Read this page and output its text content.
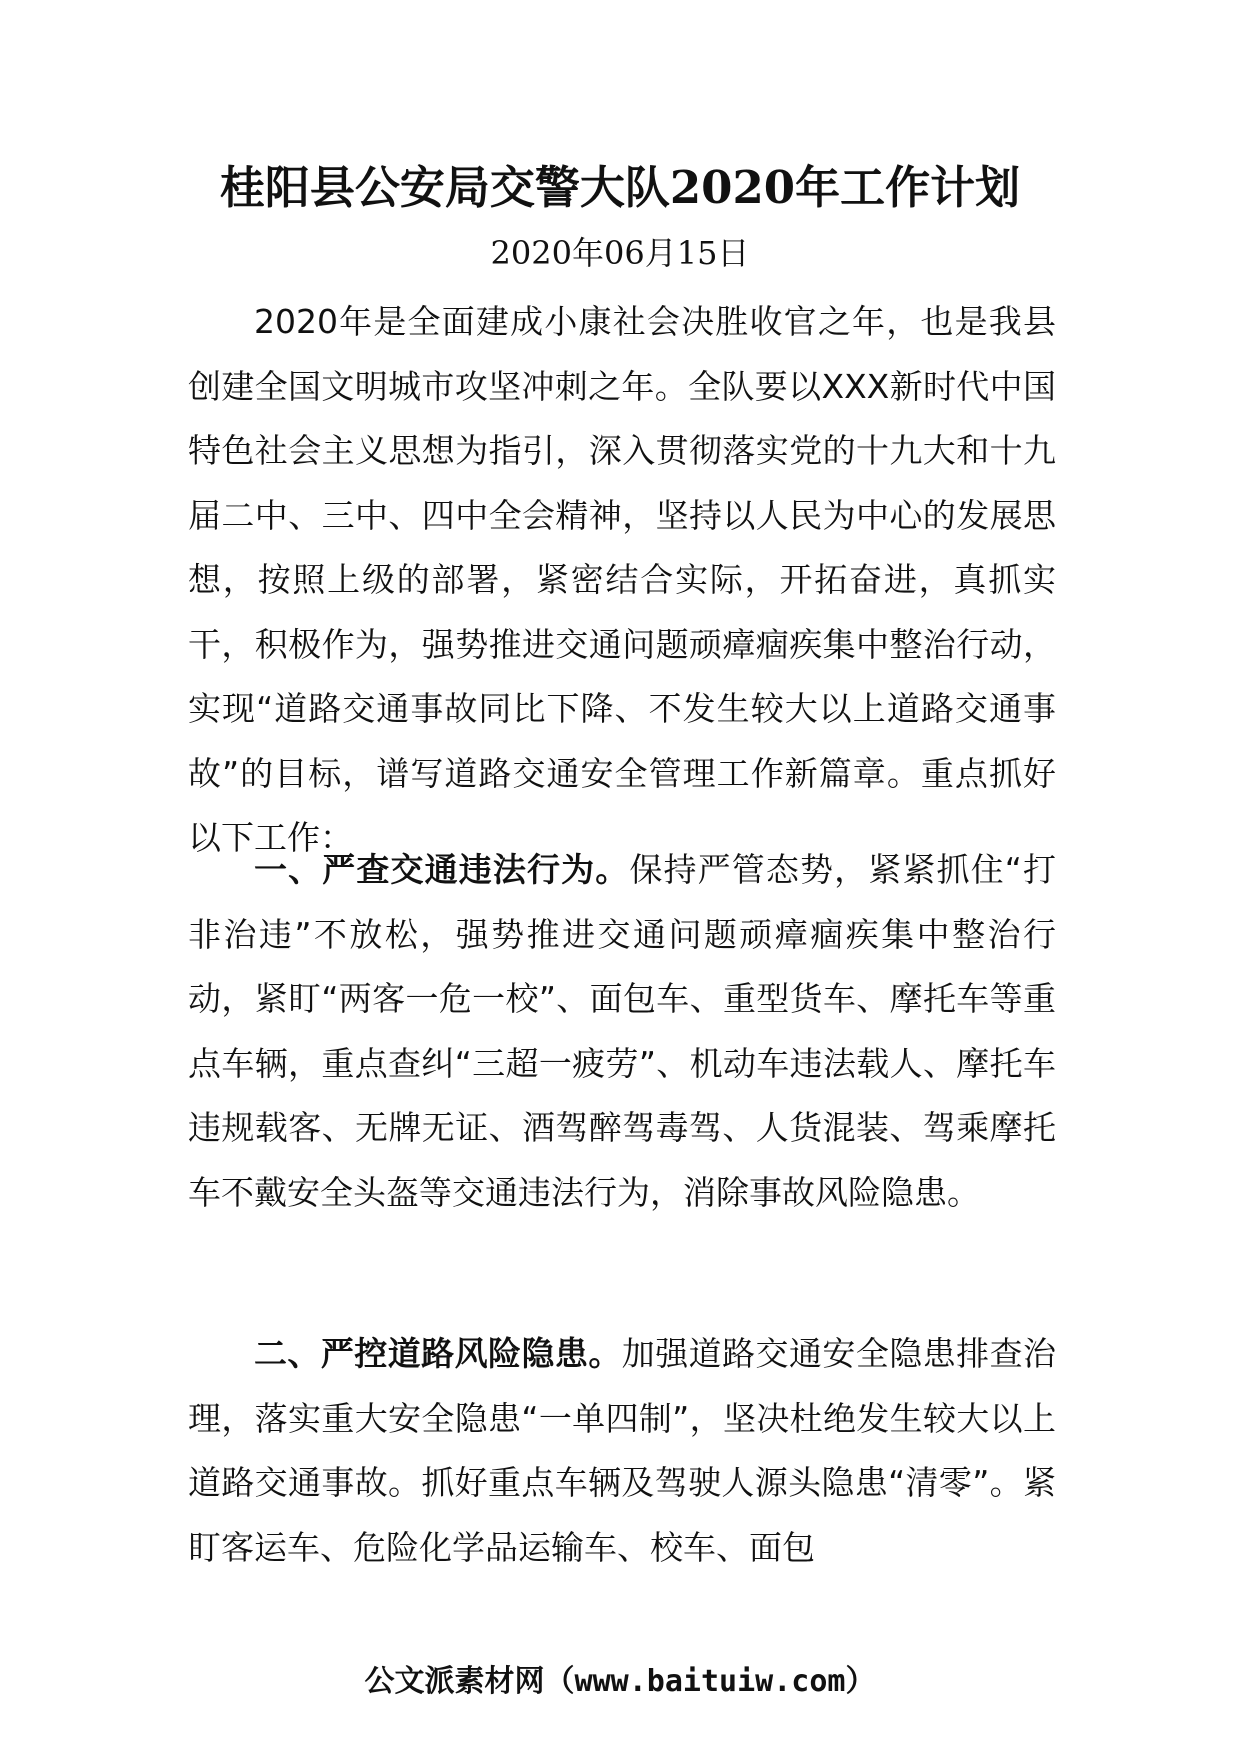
桂阳县公安局交警大队2020年工作计划
2020年06月15日

2020年是全面建成小康社会决胜收官之年，也是我县创建全国文明城市攻坚冲刺之年。全队要以XXX新时代中国特色社会主义思想为指引，深入贯彻落实党的十九大和十九届二中、三中、四中全会精神，坚持以人民为中心的发展思想，按照上级的部署，紧密结合实际，开拓奋进，真抓实干，积极作为，强势推进交通问题顽瘴痼疾集中整治行动，实现“道路交通事故同比下降、不发生较大以上道路交通事故”的目标，谱写道路交通安全管理工作新篇章。重点抓好以下工作：

一、严查交通违法行为。保持严管态势，紧紧抓住“打非治违”不放松，强势推进交通问题顽瘴痼疾集中整治行动，紧盯“两客一危一校”、面包车、重型货车、摩托车等重点车辆，重点查纠“三超一疲劳”、机动车违法载人、摩托车违规载客、无牌无证、酒驾醉驾毒驾、人货混装、驾乘摩托车不戴安全头盔等交通违法行为，消除事故风险隐患。

二、严控道路风险隐患。加强道路交通安全隐患排查治理，落实重大安全隐患“一单四制”，坚决杜绝发生较大以上道路交通事故。抓好重点车辆及驾驶人源头隐患“清零”。紧盯客运车、危险化学品运输车、校车、面包

公文派素材网（www.baituiw.com）
